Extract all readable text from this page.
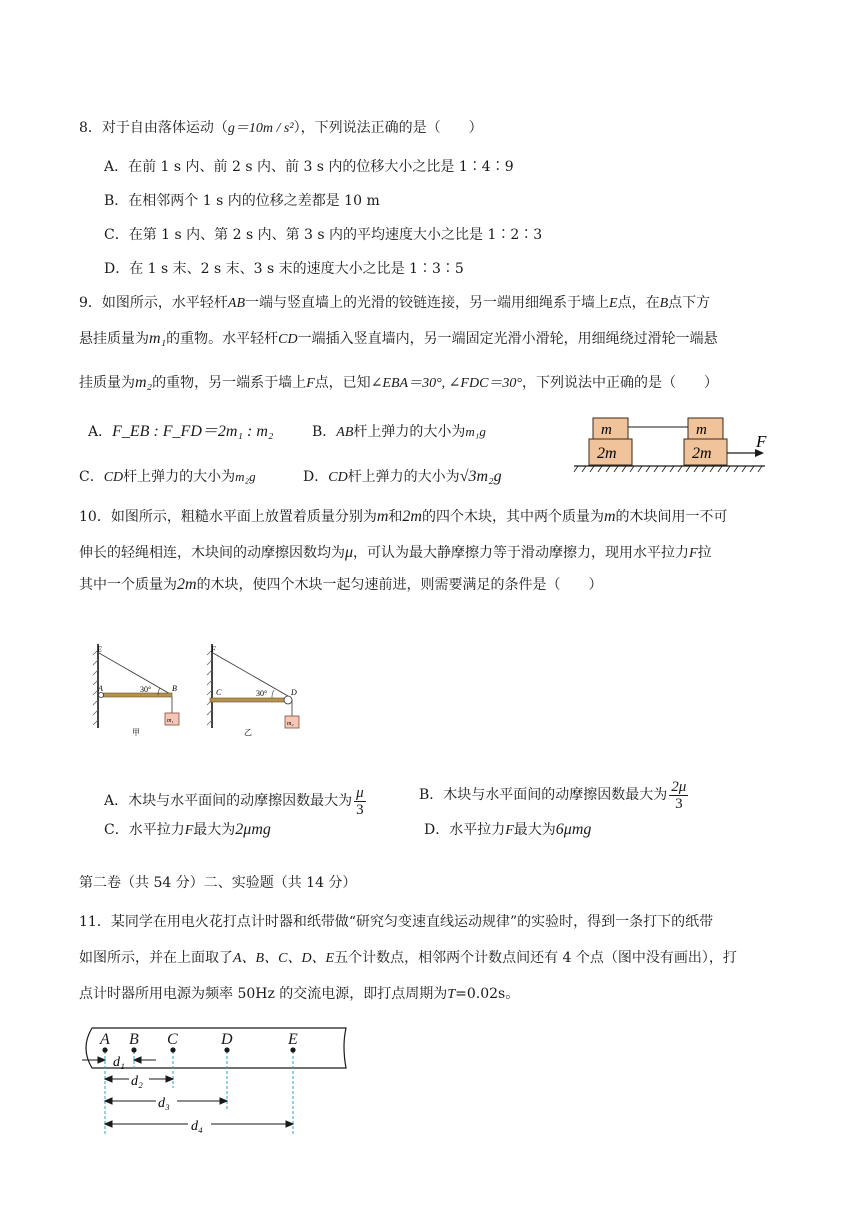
8．对于自由落体运动（g＝10m / s²），下列说法正确的是（　　）
A．在前 1 s 内、前 2 s 内、前 3 s 内的位移大小之比是 1∶4∶9
B．在相邻两个 1 s 内的位移之差都是 10 m
C．在第 1 s 内、第 2 s 内、第 3 s 内的平均速度大小之比是 1∶2∶3
D．在 1 s 末、2 s 末、3 s 末的速度大小之比是 1∶3∶5
9．如图所示，水平轻杆AB一端与竖直墙上的光滑的铰链连接，另一端用细绳系于墙上E点，在B点下方
悬挂质量为m₁的重物。水平轻杆CD一端插入竖直墙内，另一端固定光滑小滑轮，用细绳绕过滑轮一端悬
挂质量为m₂的重物，另一端系于墙上F点，已知∠EBA＝30°, ∠FDC＝30°，下列说法中正确的是（　　）
A．F_EB : F_FD＝2m₁ : m₂	B．AB杆上弹力的大小为m₁g
C．CD杆上弹力的大小为m₂g	D．CD杆上弹力的大小为√3m₂g
m
2m
m
2m
F
10．如图所示，粗糙水平面上放置着质量分别为m和2m的四个木块，其中两个质量为m的木块间用一不可
伸长的轻绳相连，木块间的动摩擦因数均为μ，可认为最大静摩擦力等于滑动摩擦力，现用水平拉力F拉
其中一个质量为2m的木块，使四个木块一起匀速前进，则需要满足的条件是（　　）
E
A	B
30°
m₁
甲
F
C	D
30°
m₂
乙
A．木块与水平面间的动摩擦因数最大为 $\frac{\mu}{3}$	B．木块与水平面间的动摩擦因数最大为 $\frac{2\mu}{3}$
C．水平拉力F最大为2μmg	D．水平拉力F最大为6μmg
第二卷（共 54 分）二、实验题（共 14 分）
11．某同学在用电火花打点计时器和纸带做“研究匀变速直线运动规律”的实验时，得到一条打下的纸带
如图所示，并在上面取了A、B、C、D、E五个计数点，相邻两个计数点间还有 4 个点（图中没有画出），打
点计时器所用电源为频率 50Hz 的交流电源，即打点周期为T=0.02s。
A B C	D	E
d₁
d₂
d₃
d₄
